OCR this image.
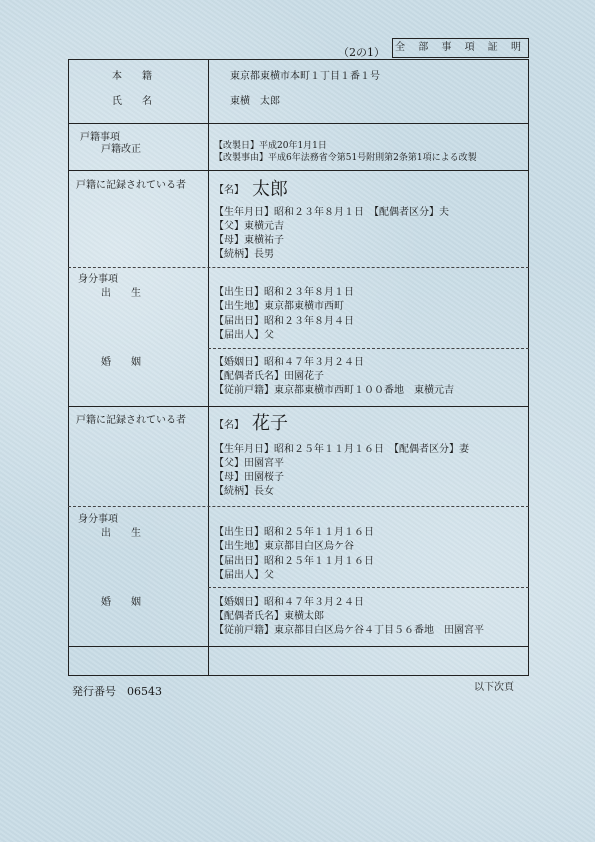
（2の1）	全 部 事 項 証 明
本　　籍	東京都東横市本町１丁目１番１号
氏　　名	東横　太郎
戸籍事項
戸籍改正	【改製日】平成20年1月1日
【改製事由】平成6年法務省令第51号附則第2条第1項による改製
戸籍に記録されている者	【名】 太郎
【生年月日】昭和２３年８月１日　【配偶者区分】夫
【父】東横元吉
【母】東横祐子
【続柄】長男
身分事項
出　　生	【出生日】昭和２３年８月１日
【出生地】東京都東横市西町
【届出日】昭和２３年８月４日
【届出人】父
婚　　姻	【婚姻日】昭和４７年３月２４日
【配偶者氏名】田園花子
【従前戸籍】東京都東横市西町１００番地　東横元吉
戸籍に記録されている者	【名】 花子
【生年月日】昭和２５年１１月１６日　【配偶者区分】妻
【父】田園宮平
【母】田園桜子
【続柄】長女
身分事項
出　　生	【出生日】昭和２５年１１月１６日
【出生地】東京都目白区烏ケ谷
【届出日】昭和２５年１１月１６日
【届出人】父
婚　　姻	【婚姻日】昭和４７年３月２４日
【配偶者氏名】東横太郎
【従前戸籍】東京都目白区烏ケ谷４丁目５６番地　田園宮平
発行番号　06543	以下次頁
